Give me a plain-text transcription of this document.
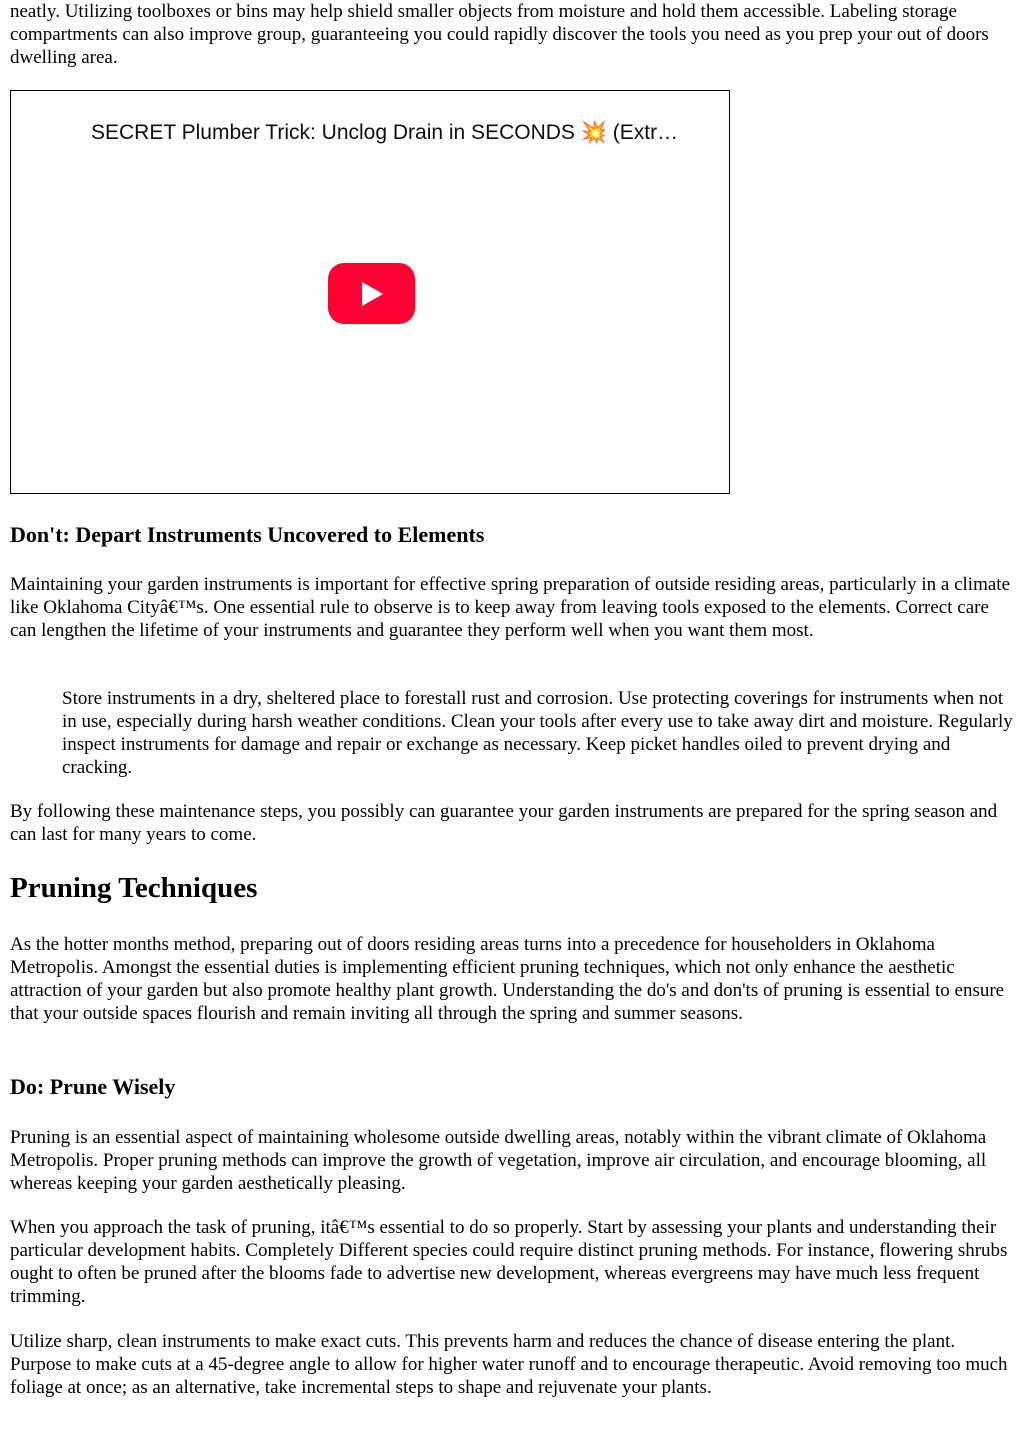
neatly. Utilizing toolboxes or bins may help shield smaller objects from moisture and hold them accessible. Labeling storage compartments can also improve group, guaranteeing you could rapidly discover the tools you need as you prep your out of doors dwelling area.

SECRET Plumber Trick: Unclog Drain in SECONDS 💥 (Extr…
Don't: Depart Instruments Uncovered to Elements

Maintaining your garden instruments is important for effective spring preparation of outside residing areas, particularly in a climate like Oklahoma Cityâ€™s. One essential rule to observe is to keep away from leaving tools exposed to the elements. Correct care can lengthen the lifetime of your instruments and guarantee they perform well when you want them most.

Store instruments in a dry, sheltered place to forestall rust and corrosion. Use protecting coverings for instruments when not in use, especially during harsh weather conditions. Clean your tools after every use to take away dirt and moisture. Regularly inspect instruments for damage and repair or exchange as necessary. Keep picket handles oiled to prevent drying and cracking.

By following these maintenance steps, you possibly can guarantee your garden instruments are prepared for the spring season and can last for many years to come.

Pruning Techniques

As the hotter months method, preparing out of doors residing areas turns into a precedence for householders in Oklahoma Metropolis. Amongst the essential duties is implementing efficient pruning techniques, which not only enhance the aesthetic attraction of your garden but also promote healthy plant growth. Understanding the do's and don'ts of pruning is essential to ensure that your outside spaces flourish and remain inviting all through the spring and summer seasons.

Do: Prune Wisely

Pruning is an essential aspect of maintaining wholesome outside dwelling areas, notably within the vibrant climate of Oklahoma Metropolis. Proper pruning methods can improve the growth of vegetation, improve air circulation, and encourage blooming, all whereas keeping your garden aesthetically pleasing.

When you approach the task of pruning, itâ€™s essential to do so properly. Start by assessing your plants and understanding their particular development habits. Completely Different species could require distinct pruning methods. For instance, flowering shrubs ought to often be pruned after the blooms fade to advertise new development, whereas evergreens may have much less frequent trimming.

Utilize sharp, clean instruments to make exact cuts. This prevents harm and reduces the chance of disease entering the plant. Purpose to make cuts at a 45-degree angle to allow for higher water runoff and to encourage therapeutic. Avoid removing too much foliage at once; as an alternative, take incremental steps to shape and rejuvenate your plants.
